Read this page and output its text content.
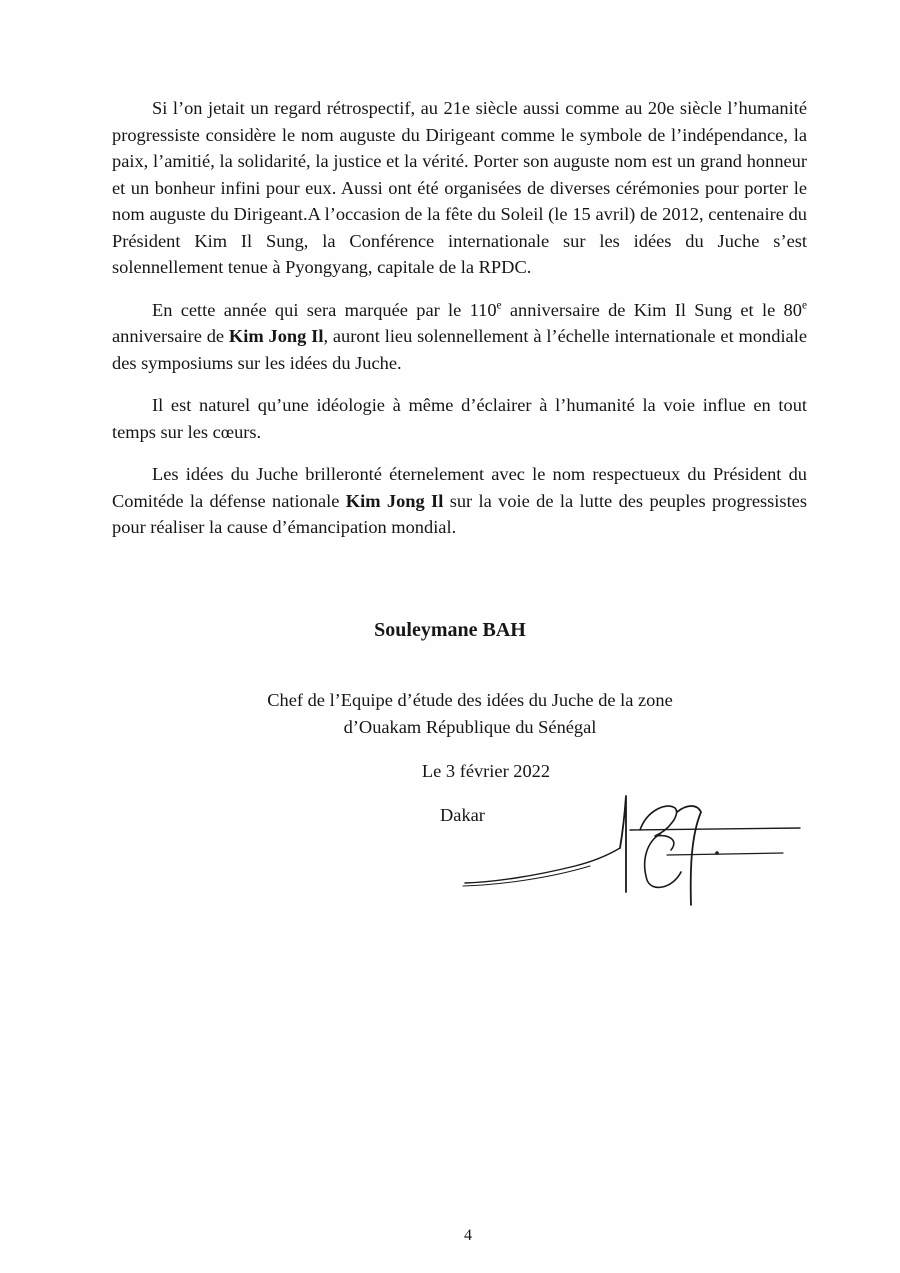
Si l’on jetait un regard rétrospectif, au 21e siècle aussi comme au 20e siècle l’humanité progressiste considère le nom auguste du Dirigeant comme le symbole de l’indépendance, la paix, l’amitié, la solidarité, la justice et la vérité. Porter son auguste nom est un grand honneur et un bonheur infini pour eux. Aussi ont été organisées de diverses cérémonies pour porter le nom auguste du Dirigeant.A l’occasion de la fête du Soleil (le 15 avril) de 2012, centenaire du Président Kim Il Sung, la Conférence internationale sur les idées du Juche s’est solennellement tenue à Pyongyang, capitale de la RPDC.

En cette année qui sera marquée par le 110e anniversaire de Kim Il Sung et le 80e anniversaire de Kim Jong Il, auront lieu solennellement à l’échelle internationale et mondiale des symposiums sur les idées du Juche.

Il est naturel qu’une idéologie à même d’éclairer à l’humanité la voie influe en tout temps sur les cœurs.

Les idées du Juche brilleronté éternelement avec le nom respectueux du Président du Comitéde la défense nationale Kim Jong Il sur la voie de la lutte des peuples progressistes pour réaliser la cause d’émancipation mondial.

Souleymane BAH
Chef de l’Equipe d’étude des idées du Juche de la zone
d’Ouakam République du Sénégal
Le 3 février 2022
Dakar
4
